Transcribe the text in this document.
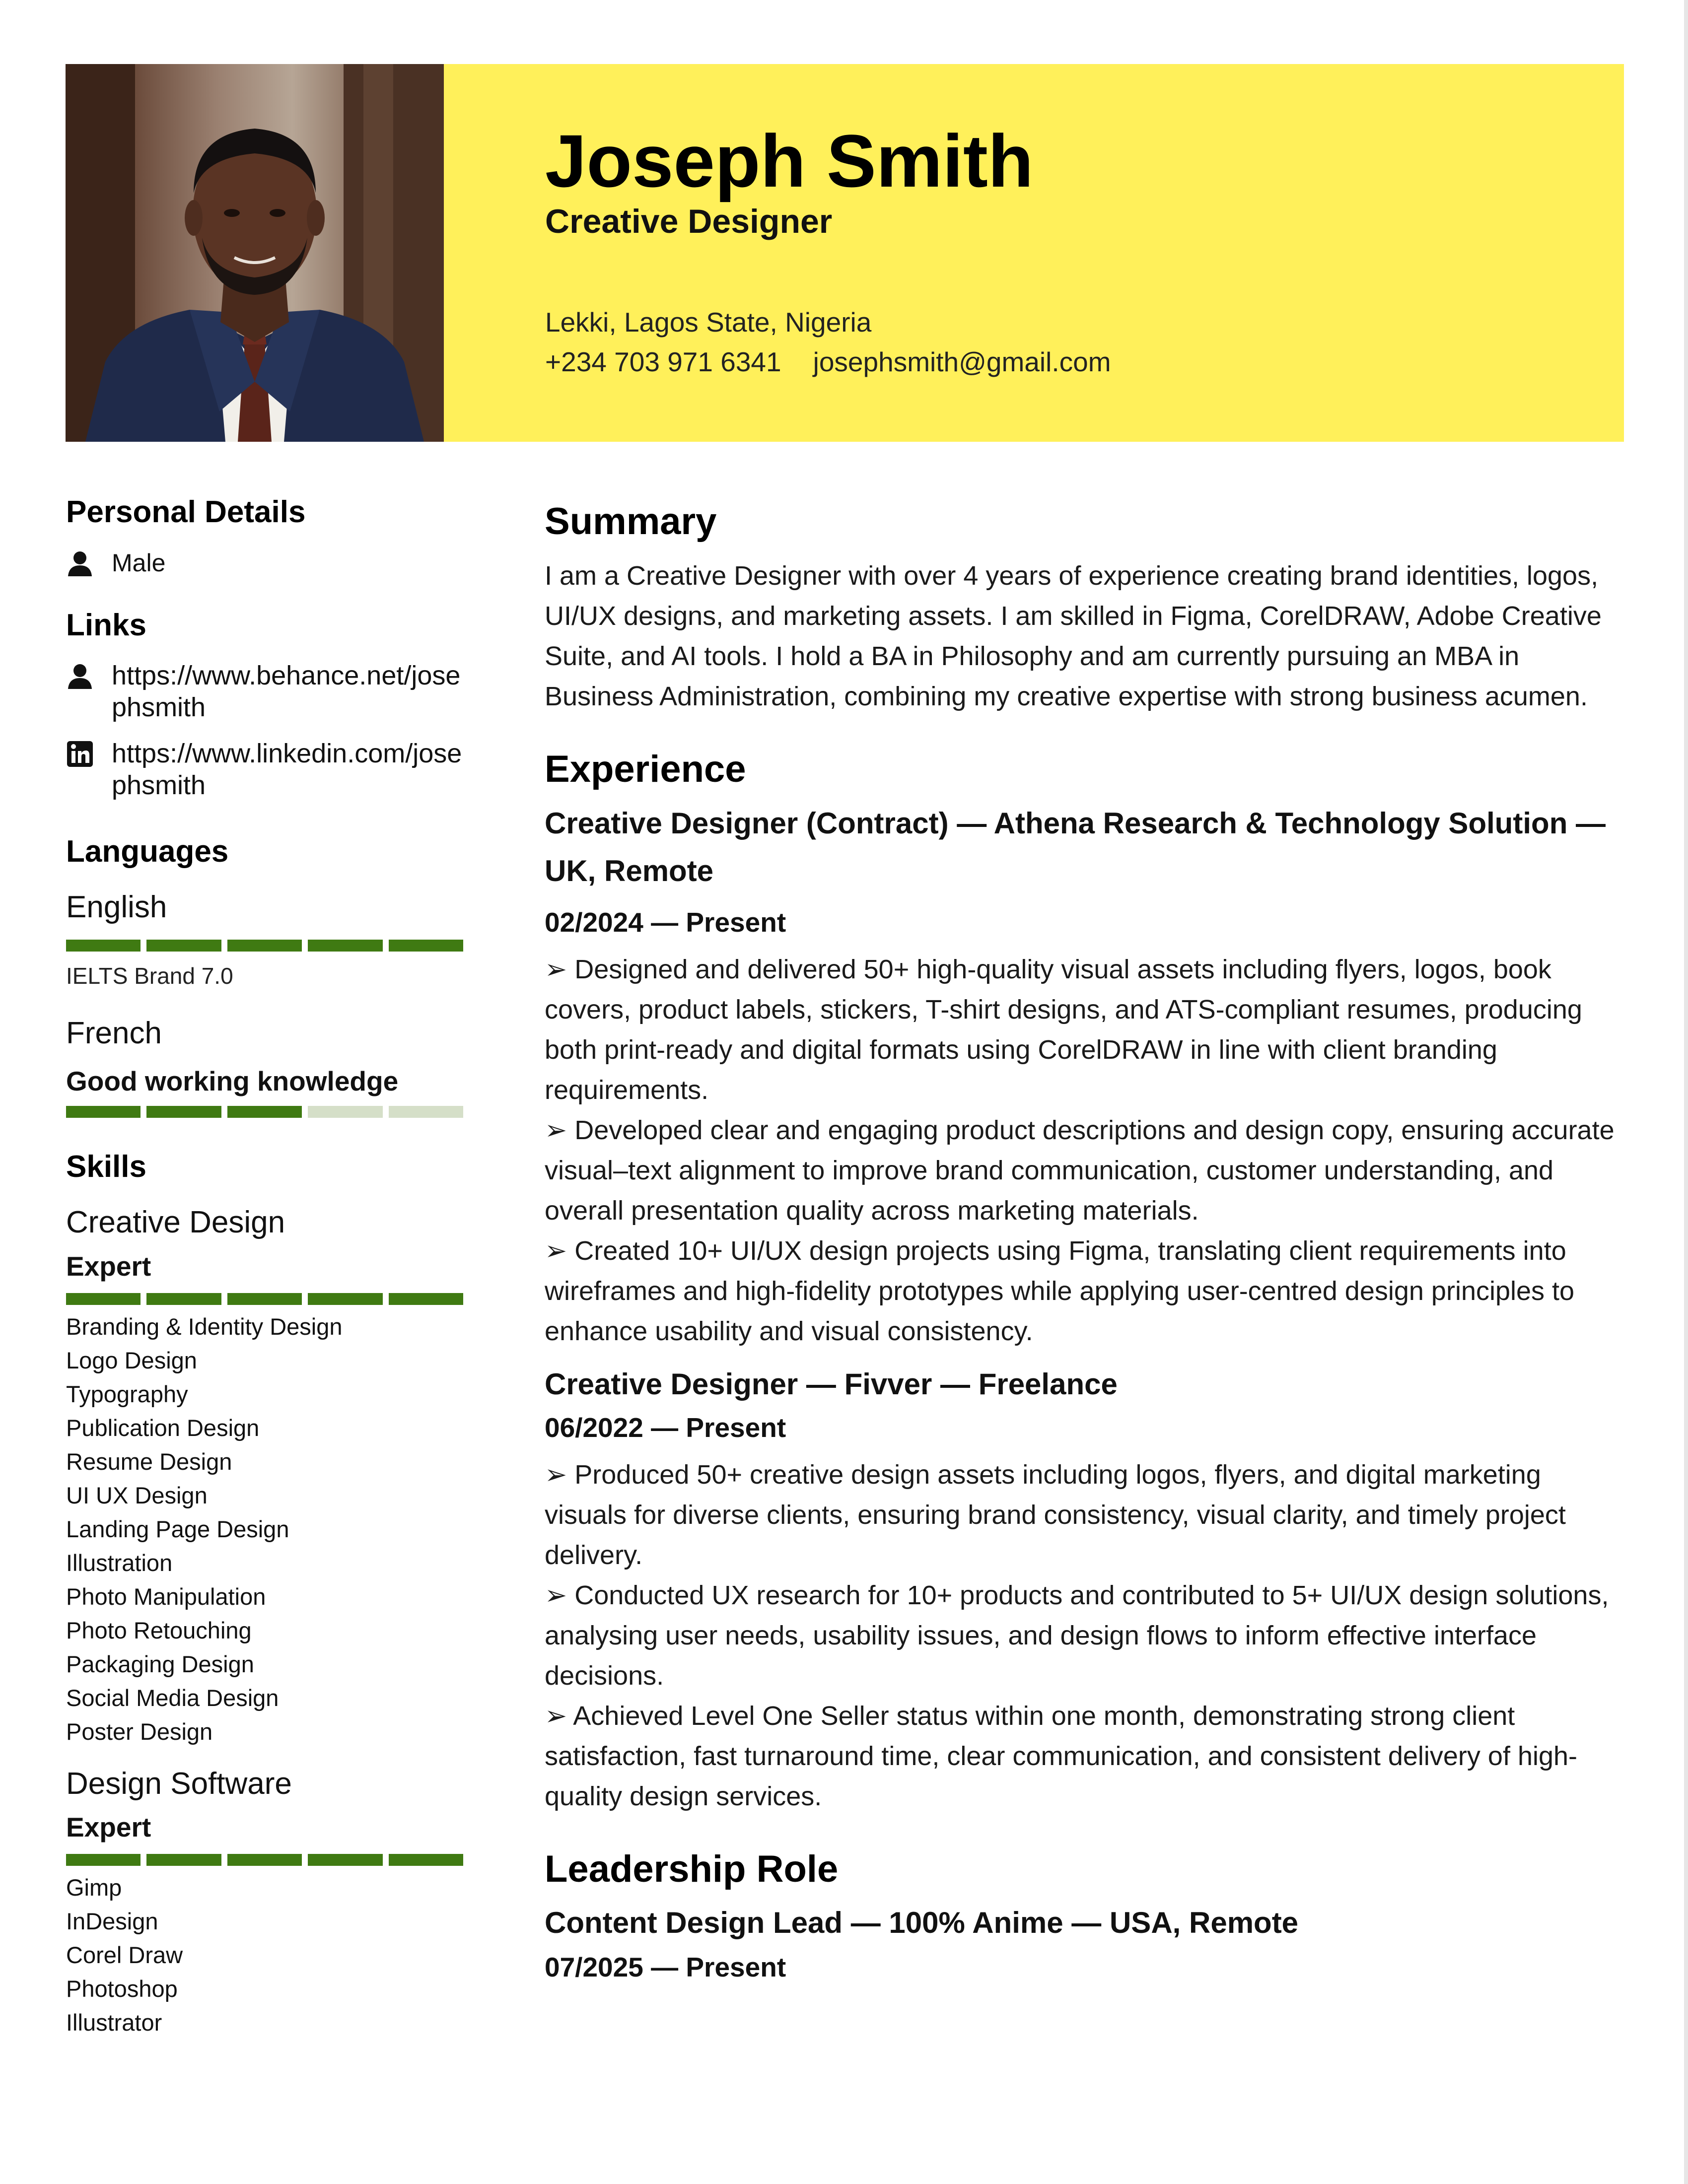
Joseph Smith
Creative Designer
Lekki, Lagos State, Nigeria
+234 703 971 6341 josephsmith@gmail.com
Personal Details
Male
Links
https://www.behance.net/josephsmith
https://www.linkedin.com/josephsmith
Languages
English
IELTS Brand 7.0
French
Good working knowledge
Skills
Creative Design
Expert
Branding & Identity Design
Logo Design
Typography
Publication Design
Resume Design
UI UX Design
Landing Page Design
Illustration
Photo Manipulation
Photo Retouching
Packaging Design
Social Media Design
Poster Design
Design Software
Expert
Gimp
InDesign
Corel Draw
Photoshop
Illustrator
Summary
I am a Creative Designer with over 4 years of experience creating brand identities, logos, UI/UX designs, and marketing assets. I am skilled in Figma, CorelDRAW, Adobe Creative Suite, and AI tools. I hold a BA in Philosophy and am currently pursuing an MBA in Business Administration, combining my creative expertise with strong business acumen.
Experience
Creative Designer (Contract) — Athena Research & Technology Solution — UK, Remote
02/2024 — Present
➢ Designed and delivered 50+ high-quality visual assets including flyers, logos, book covers, product labels, stickers, T-shirt designs, and ATS-compliant resumes, producing both print-ready and digital formats using CorelDRAW in line with client branding requirements.
➢ Developed clear and engaging product descriptions and design copy, ensuring accurate visual–text alignment to improve brand communication, customer understanding, and overall presentation quality across marketing materials.
➢ Created 10+ UI/UX design projects using Figma, translating client requirements into wireframes and high-fidelity prototypes while applying user-centred design principles to enhance usability and visual consistency.
Creative Designer — Fivver — Freelance
06/2022 — Present
➢ Produced 50+ creative design assets including logos, flyers, and digital marketing visuals for diverse clients, ensuring brand consistency, visual clarity, and timely project delivery.
➢ Conducted UX research for 10+ products and contributed to 5+ UI/UX design solutions, analysing user needs, usability issues, and design flows to inform effective interface decisions.
➢ Achieved Level One Seller status within one month, demonstrating strong client satisfaction, fast turnaround time, clear communication, and consistent delivery of high-quality design services.
Leadership Role
Content Design Lead — 100% Anime — USA, Remote
07/2025 — Present
